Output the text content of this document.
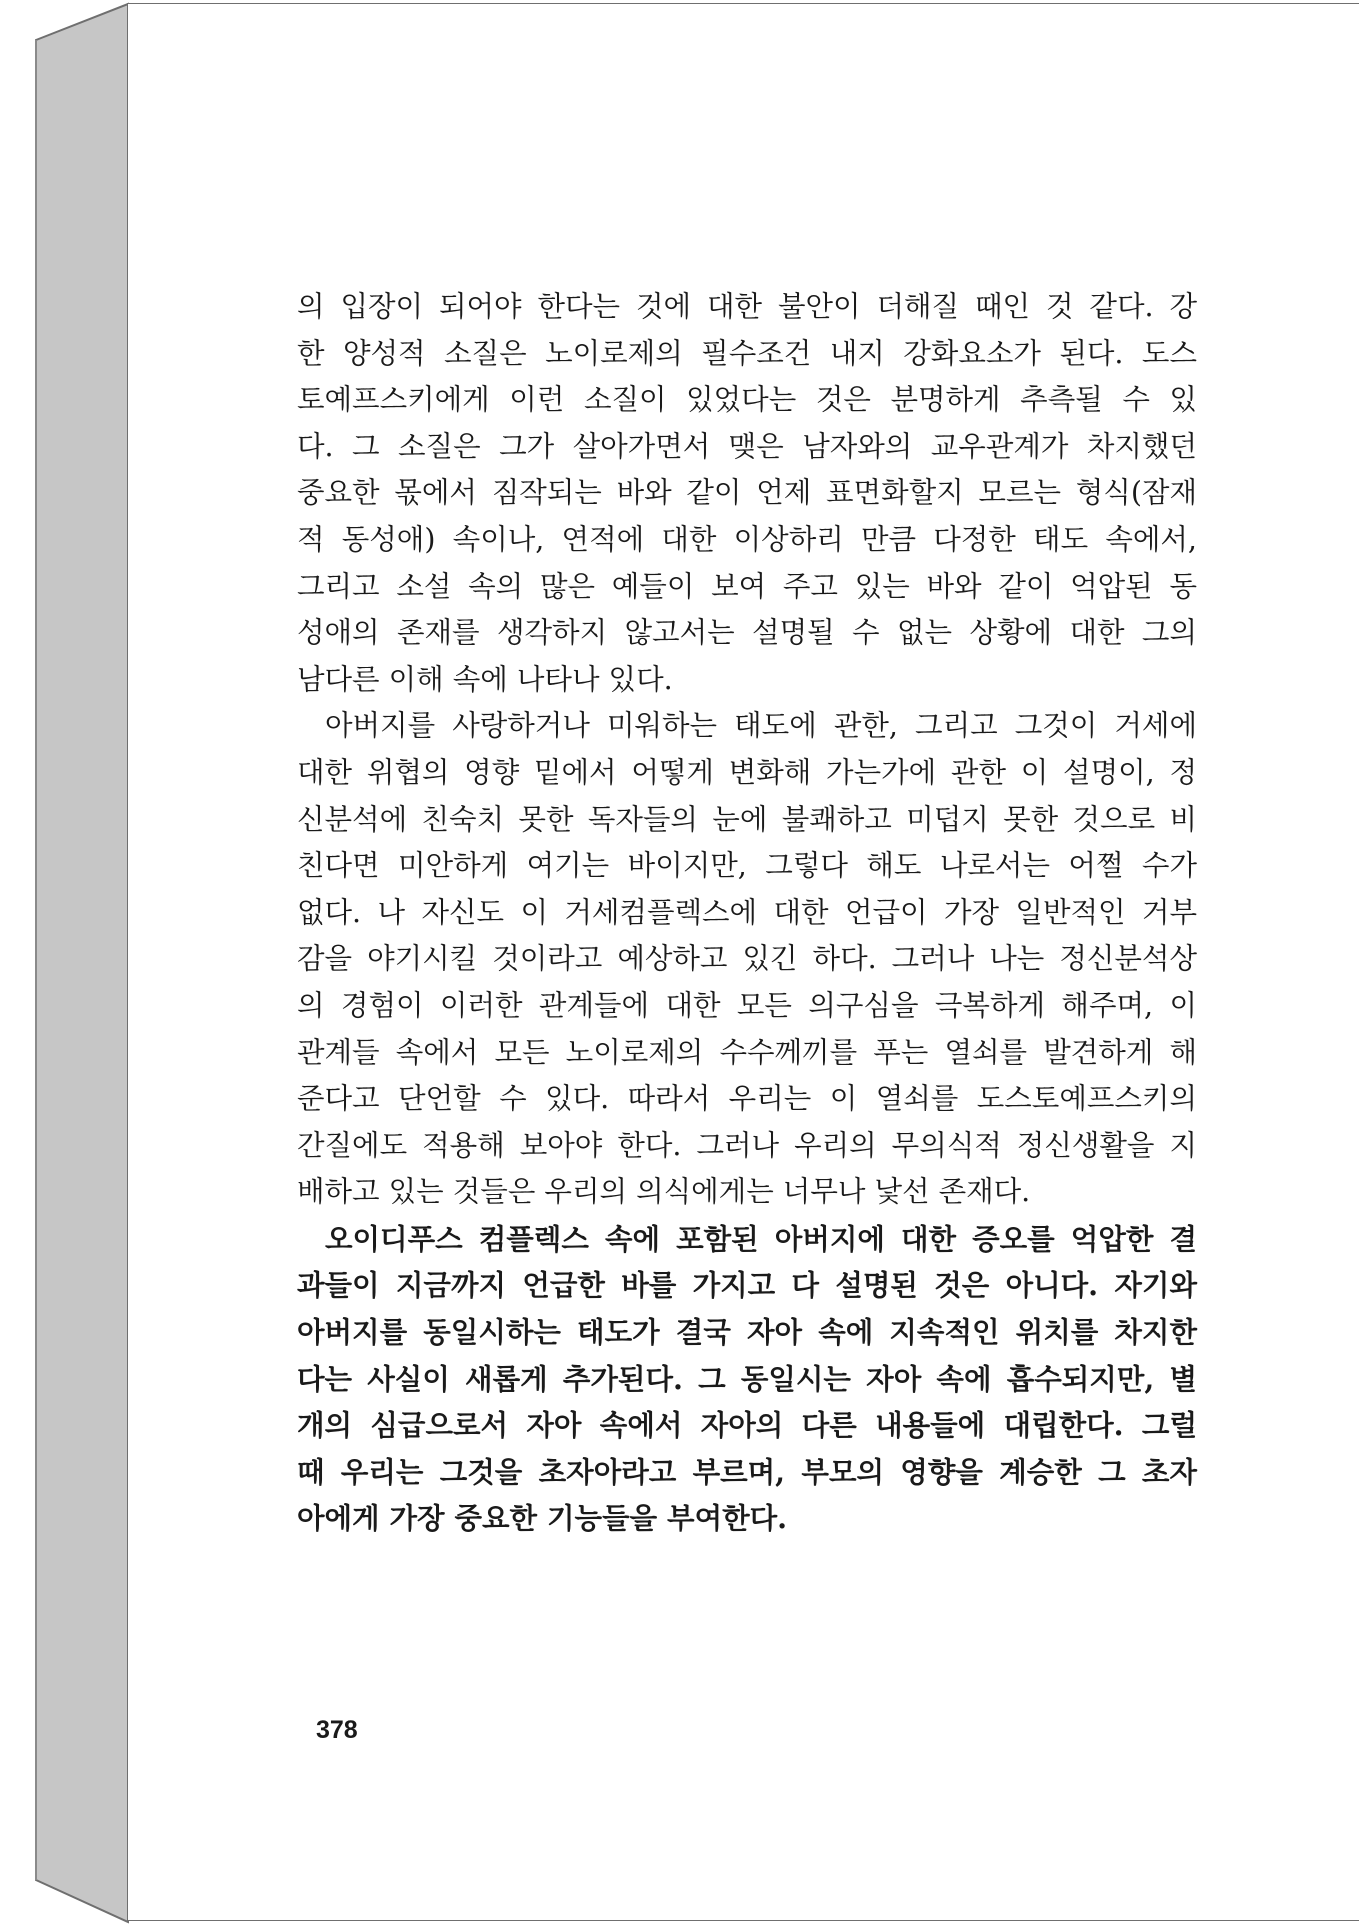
의 입장이 되어야 한다는 것에 대한 불안이 더해질 때인 것 같다. 강
한 양성적 소질은 노이로제의 필수조건 내지 강화요소가 된다. 도스
토예프스키에게 이런 소질이 있었다는 것은 분명하게 추측될 수 있
다. 그 소질은 그가 살아가면서 맺은 남자와의 교우관계가 차지했던
중요한 몫에서 짐작되는 바와 같이 언제 표면화할지 모르는 형식(잠재
적 동성애) 속이나, 연적에 대한 이상하리 만큼 다정한 태도 속에서,
그리고 소설 속의 많은 예들이 보여 주고 있는 바와 같이 억압된 동
성애의 존재를 생각하지 않고서는 설명될 수 없는 상황에 대한 그의
남다른 이해 속에 나타나 있다.
아버지를 사랑하거나 미워하는 태도에 관한, 그리고 그것이 거세에
대한 위협의 영향 밑에서 어떻게 변화해 가는가에 관한 이 설명이, 정
신분석에 친숙치 못한 독자들의 눈에 불쾌하고 미덥지 못한 것으로 비
친다면 미안하게 여기는 바이지만, 그렇다 해도 나로서는 어쩔 수가
없다. 나 자신도 이 거세컴플렉스에 대한 언급이 가장 일반적인 거부
감을 야기시킬 것이라고 예상하고 있긴 하다. 그러나 나는 정신분석상
의 경험이 이러한 관계들에 대한 모든 의구심을 극복하게 해주며, 이
관계들 속에서 모든 노이로제의 수수께끼를 푸는 열쇠를 발견하게 해
준다고 단언할 수 있다. 따라서 우리는 이 열쇠를 도스토예프스키의
간질에도 적용해 보아야 한다. 그러나 우리의 무의식적 정신생활을 지
배하고 있는 것들은 우리의 의식에게는 너무나 낯선 존재다.
오이디푸스 컴플렉스 속에 포함된 아버지에 대한 증오를 억압한 결
과들이 지금까지 언급한 바를 가지고 다 설명된 것은 아니다. 자기와
아버지를 동일시하는 태도가 결국 자아 속에 지속적인 위치를 차지한
다는 사실이 새롭게 추가된다. 그 동일시는 자아 속에 흡수되지만, 별
개의 심급으로서 자아 속에서 자아의 다른 내용들에 대립한다. 그럴
때 우리는 그것을 초자아라고 부르며, 부모의 영향을 계승한 그 초자
아에게 가장 중요한 기능들을 부여한다.
378
